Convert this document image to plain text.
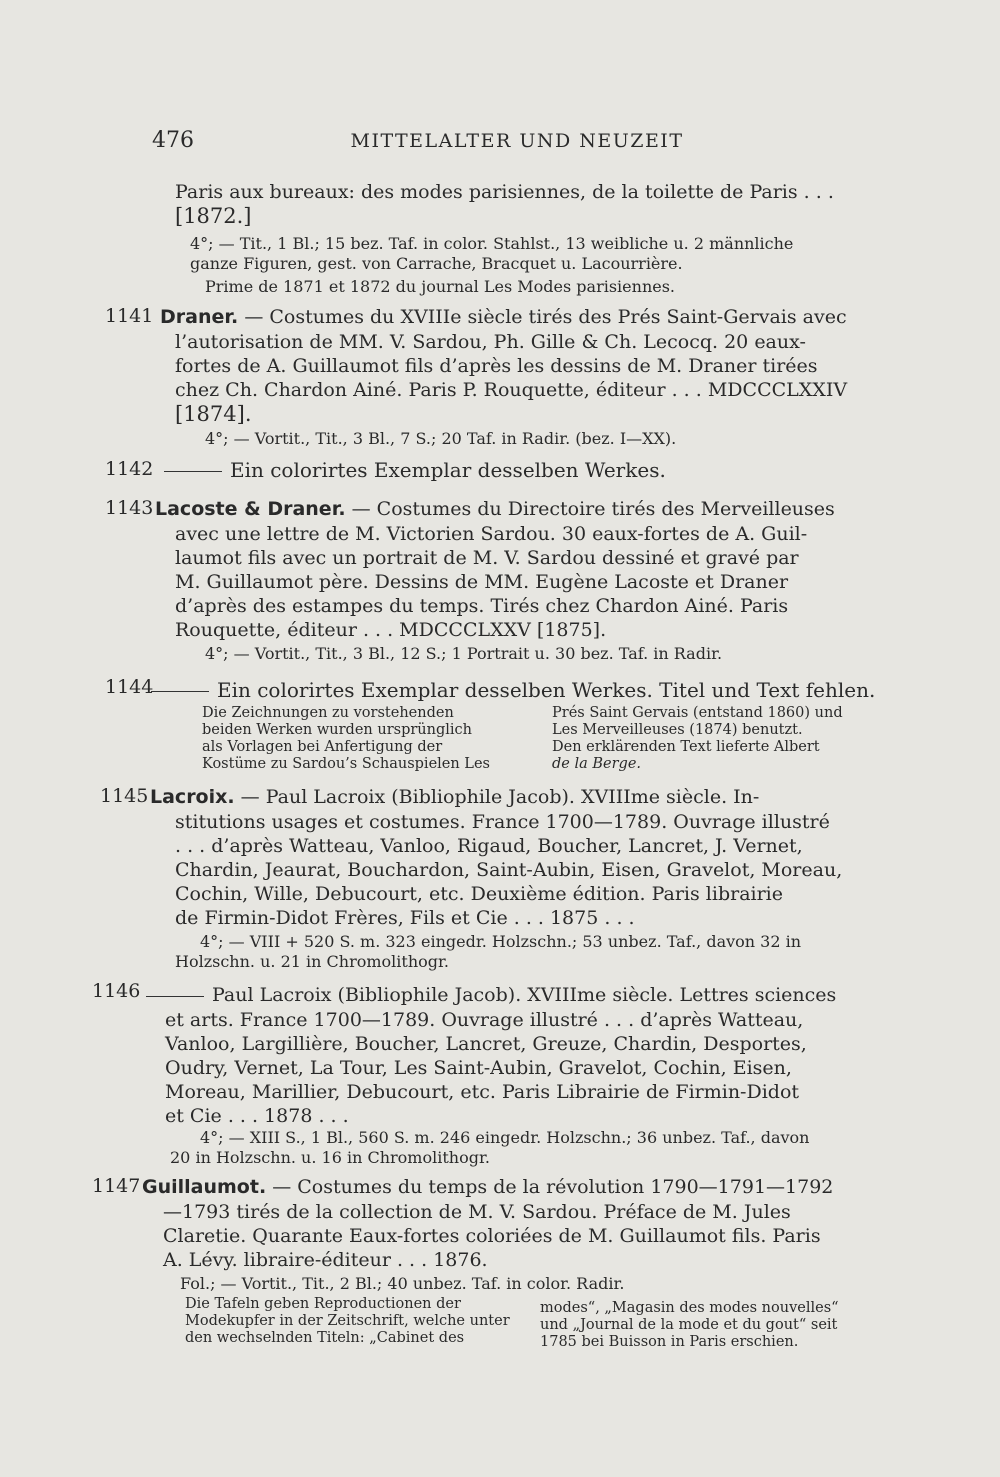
476	MITTELALTER UND NEUZEIT
Paris aux bureaux: des modes parisiennes, de la toilette de Paris . . .
[1872.]
4°; — Tit., 1 Bl.; 15 bez. Taf. in color. Stahlst., 13 weibliche u. 2 männliche
ganze Figuren, gest. von Carrache, Bracquet u. Lacourrière.
Prime de 1871 et 1872 du journal Les Modes parisiennes.
1141 Draner. — Costumes du XVIIIe siècle tirés des Prés Saint-Gervais avec
l’autorisation de MM. V. Sardou, Ph. Gille & Ch. Lecocq. 20 eaux-
fortes de A. Guillaumot fils d’après les dessins de M. Draner tirées
chez Ch. Chardon Ainé. Paris P. Rouquette, éditeur . . . MDCCCLXXIV
[1874].
4°; — Vortit., Tit., 3 Bl., 7 S.; 20 Taf. in Radir. (bez. I—XX).
1142	Ein colorirtes Exemplar desselben Werkes.
1143 Lacoste & Draner. — Costumes du Directoire tirés des Merveilleuses
avec une lettre de M. Victorien Sardou. 30 eaux-fortes de A. Guil-
laumot fils avec un portrait de M. V. Sardou dessiné et gravé par
M. Guillaumot père. Dessins de MM. Eugène Lacoste et Draner
d’après des estampes du temps. Tirés chez Chardon Ainé. Paris
Rouquette, éditeur . . . MDCCCLXXV [1875].
4°; — Vortit., Tit., 3 Bl., 12 S.; 1 Portrait u. 30 bez. Taf. in Radir.
1144	Ein colorirtes Exemplar desselben Werkes. Titel und Text fehlen.
Die Zeichnungen zu vorstehenden
beiden Werken wurden ursprünglich
als Vorlagen bei Anfertigung der
Kostüme zu Sardou’s Schauspielen Les
Prés Saint Gervais (entstand 1860) und
Les Merveilleuses (1874) benutzt.
Den erklärenden Text lieferte Albert
de la Berge.
1145 Lacroix. — Paul Lacroix (Bibliophile Jacob). XVIIIme siècle. In-
stitutions usages et costumes. France 1700—1789. Ouvrage illustré
. . . d’après Watteau, Vanloo, Rigaud, Boucher, Lancret, J. Vernet,
Chardin, Jeaurat, Bouchardon, Saint-Aubin, Eisen, Gravelot, Moreau,
Cochin, Wille, Debucourt, etc. Deuxième édition. Paris librairie
de Firmin-Didot Frères, Fils et Cie . . . 1875 . . .
4°; — VIII + 520 S. m. 323 eingedr. Holzschn.; 53 unbez. Taf., davon 32 in
Holzschn. u. 21 in Chromolithogr.
1146	Paul Lacroix (Bibliophile Jacob). XVIIIme siècle. Lettres sciences
et arts. France 1700—1789. Ouvrage illustré . . . d’après Watteau,
Vanloo, Largillière, Boucher, Lancret, Greuze, Chardin, Desportes,
Oudry, Vernet, La Tour, Les Saint-Aubin, Gravelot, Cochin, Eisen,
Moreau, Marillier, Debucourt, etc. Paris Librairie de Firmin-Didot
et Cie . . . 1878 . . .
4°; — XIII S., 1 Bl., 560 S. m. 246 eingedr. Holzschn.; 36 unbez. Taf., davon
20 in Holzschn. u. 16 in Chromolithogr.
1147 Guillaumot. — Costumes du temps de la révolution 1790—1791—1792
—1793 tirés de la collection de M. V. Sardou. Préface de M. Jules
Claretie. Quarante Eaux-fortes coloriées de M. Guillaumot fils. Paris
A. Lévy. libraire-éditeur . . . 1876.
Fol.; — Vortit., Tit., 2 Bl.; 40 unbez. Taf. in color. Radir.
Die Tafeln geben Reproductionen der
Modekupfer in der Zeitschrift, welche unter
den wechselnden Titeln: „Cabinet des
modes“, „Magasin des modes nouvelles“
und „Journal de la mode et du gout“ seit
1785 bei Buisson in Paris erschien.
